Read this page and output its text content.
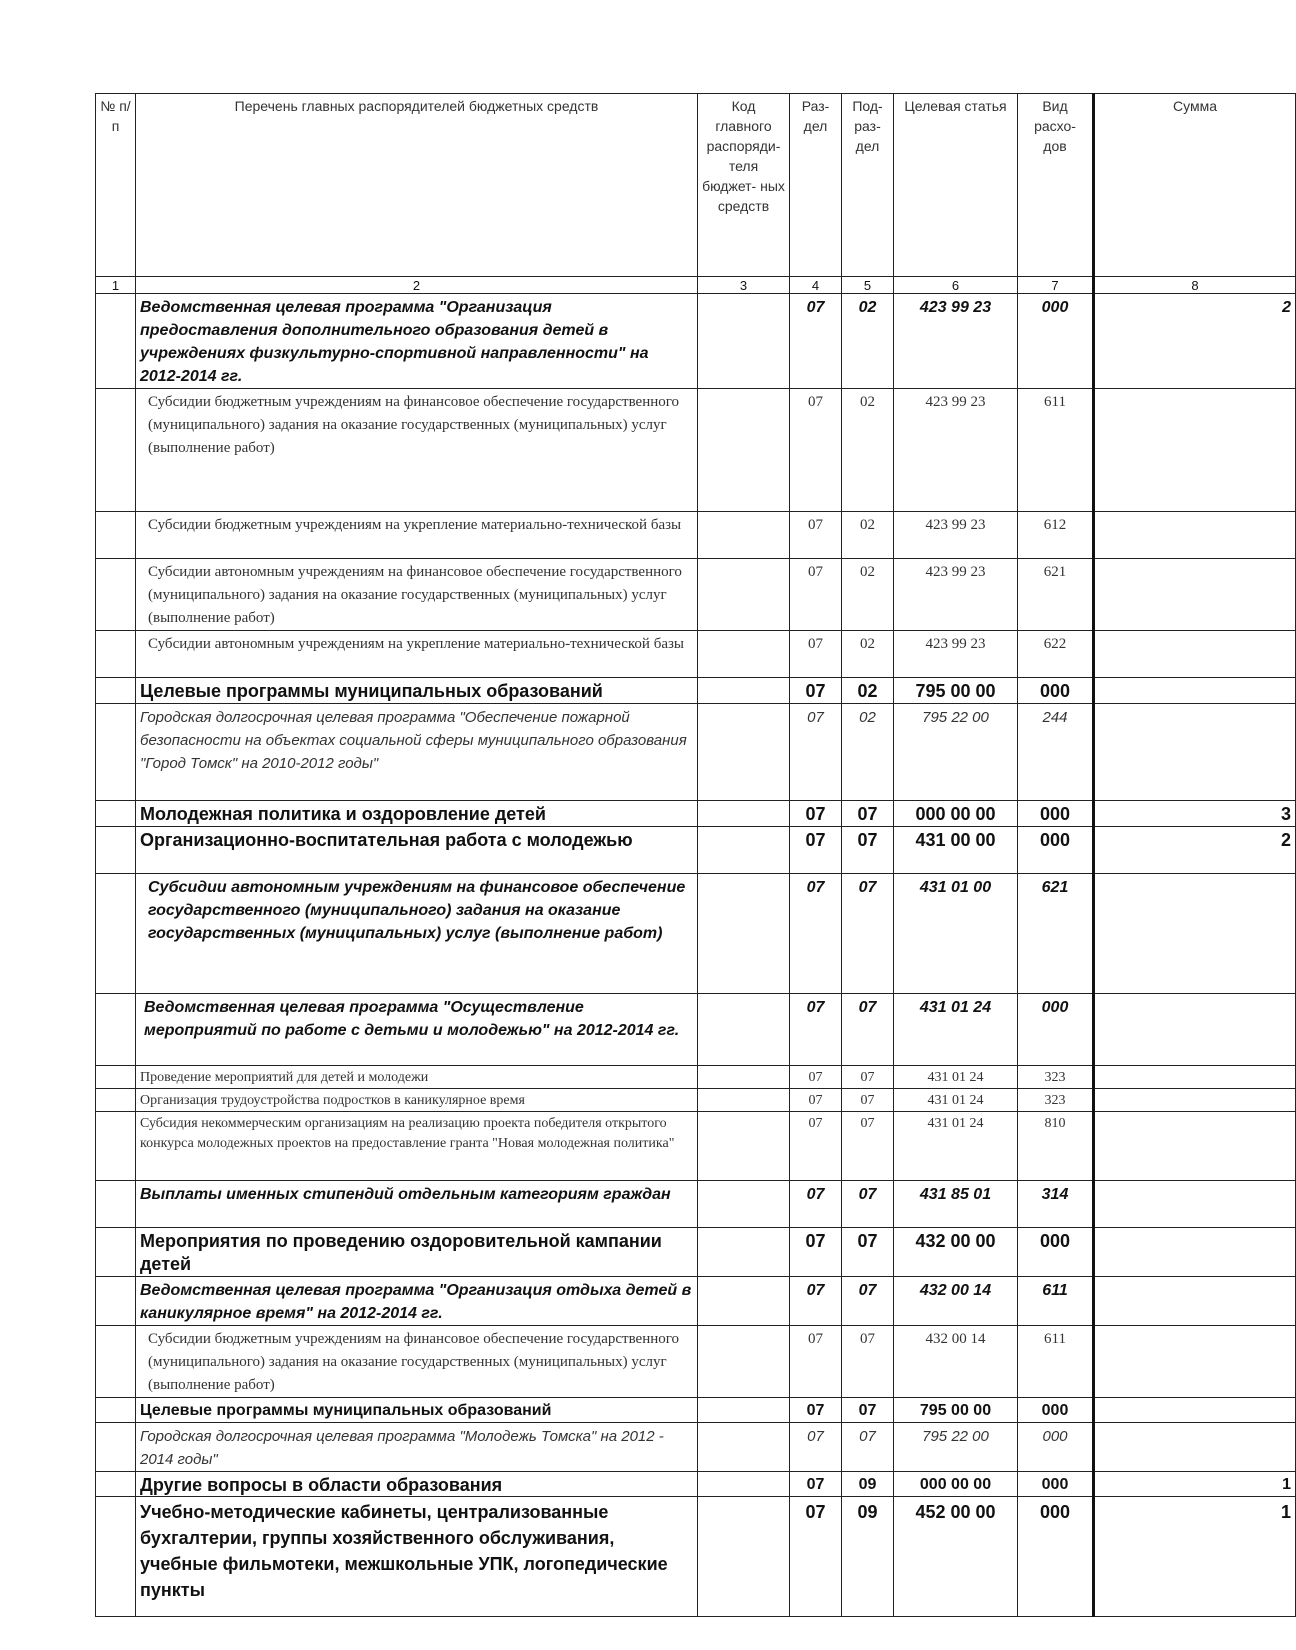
№ п/п	Перечень главных распорядителей бюджетных средств	Код главного распоряди- теля бюджет- ных средств	Раз- дел	Под- раз- дел	Целевая статья	Вид расхо- дов	Сумма
1	2	3	4	5	6	7	8
	Ведомственная целевая программа "Организация предоставления дополнительного образования детей в учреждениях физкультурно-спортивной направленности" на 2012-2014 гг.		07	02	423 99 23	000	2
	Субсидии бюджетным учреждениям на финансовое обеспечение государственного (муниципального) задания на оказание государственных (муниципальных) услуг (выполнение работ)		07	02	423 99 23	611	
	Субсидии бюджетным учреждениям на укрепление материально-технической базы		07	02	423 99 23	612	
	Субсидии автономным учреждениям на финансовое обеспечение государственного (муниципального) задания на оказание государственных (муниципальных) услуг (выполнение работ)		07	02	423 99 23	621	
	Субсидии автономным учреждениям на укрепление материально-технической базы		07	02	423 99 23	622	
	Целевые программы муниципальных образований		07	02	795 00 00	000	
	Городская долгосрочная целевая программа "Обеспечение пожарной безопасности на объектах социальной сферы муниципального образования "Город Томск" на 2010-2012 годы"		07	02	795 22 00	244	
	Молодежная политика и оздоровление детей		07	07	000 00 00	000	3
	Организационно-воспитательная работа с молодежью		07	07	431 00 00	000	2
	Субсидии автономным учреждениям на финансовое обеспечение государственного (муниципального) задания на оказание государственных (муниципальных) услуг (выполнение работ)		07	07	431 01 00	621	
	Ведомственная целевая программа "Осуществление мероприятий по работе с детьми и молодежью" на 2012-2014 гг.		07	07	431 01 24	000	
	Проведение мероприятий для детей и молодежи		07	07	431 01 24	323	
	Организация трудоустройства подростков в каникулярное время		07	07	431 01 24	323	
	Субсидия некоммерческим организациям на реализацию проекта победителя открытого конкурса молодежных проектов на предоставление гранта "Новая молодежная политика"		07	07	431 01 24	810	
	Выплаты именных стипендий отдельным категориям граждан		07	07	431 85 01	314	
	Мероприятия по проведению оздоровительной кампании детей		07	07	432 00 00	000	
	Ведомственная целевая программа "Организация отдыха детей в каникулярное время" на 2012-2014 гг.		07	07	432 00 14	611	
	Субсидии бюджетным учреждениям на финансовое обеспечение государственного (муниципального) задания на оказание государственных (муниципальных) услуг (выполнение работ)		07	07	432 00 14	611	
	Целевые программы муниципальных образований		07	07	795 00 00	000	
	Городская долгосрочная целевая программа "Молодежь Томска" на 2012 - 2014 годы"		07	07	795 22 00	000	
	Другие вопросы в области образования		07	09	000 00 00	000	1
	Учебно-методические кабинеты, централизованные бухгалтерии, группы хозяйственного обслуживания, учебные фильмотеки, межшкольные УПК, логопедические пункты		07	09	452 00 00	000	1
